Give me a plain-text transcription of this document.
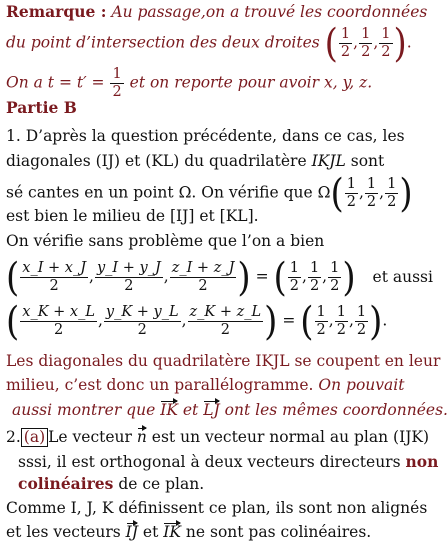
Remarque : Au passage,on a trouvé les coordonnées
du point d’intersection des deux droites ( $\frac{1}{2}$ , $\frac{1}{2}$ , $\frac{1}{2}$ ).
On a $t = t' = \frac{1}{2}$ et on reporte pour avoir x, y, z.
Partie B
1. D’après la question précédente, dans ce cas, les
diagonales (IJ) et (KL) du quadrilatère IKJL sont
sé cantes en un point Ω. On vérifie que $\Omega( \frac{1}{2}$ , $\frac{1}{2}$ , $\frac{1}{2}$ )
est bien le milieu de [IJ] et [KL].
On vérifie sans problème que l’on a bien
( $\frac{x\_I + x\_J}{2}$ , $\frac{y\_I + y\_J}{2}$ , $\frac{z\_I + z\_J}{2}$ ) = ( $\frac{1}{2}$ , $\frac{1}{2}$ , $\frac{1}{2}$ ) et aussi
( $\frac{x\_K + x\_L}{2}$ , $\frac{y\_K + y\_L}{2}$ , $\frac{z\_K + z\_L}{2}$ ) = ( $\frac{1}{2}$ , $\frac{1}{2}$ , $\frac{1}{2}$ ).
Les diagonales du quadrilatère IKJL se coupent en leur
milieu, c’est donc un parallélogramme. On pouvait
aussi montrer que IK et LJ ont les mêmes coordonnées.
2. (a) Le vecteur n est un vecteur normal au plan (IJK)
sssi, il est orthogonal à deux vecteurs directeurs non
colinéaires de ce plan.
Comme I, J, K définissent ce plan, ils sont non alignés
et les vecteurs IJ et IK ne sont pas colinéaires.
